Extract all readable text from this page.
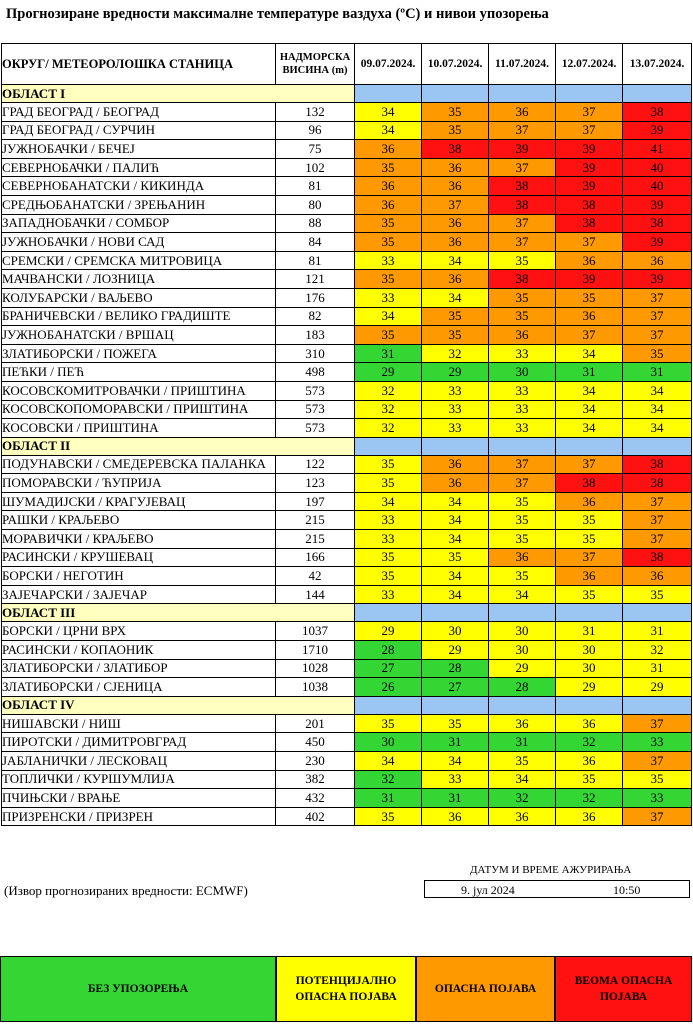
Прогнозиране вредности максималне температуре ваздуха (ºC) и нивои упозорења
ОКРУГ/ МЕТЕОРОЛОШКА СТАНИЦА	НАДМОРСКА ВИСИНА (m)	09.07.2024.	10.07.2024.	11.07.2024.	12.07.2024.	13.07.2024.
ОБЛАСТ I						
ГРАД БЕОГРАД / БЕОГРАД	132	34	35	36	37	38
ГРАД БЕОГРАД / СУРЧИН	96	34	35	37	37	39
ЈУЖНОБАЧКИ / БЕЧЕЈ	75	36	38	39	39	41
СЕВЕРНОБАЧКИ / ПАЛИЋ	102	35	36	37	39	40
СЕВЕРНОБАНАТСКИ / КИКИНДА	81	36	36	38	39	40
СРЕДЊОБАНАТСКИ / ЗРЕЊАНИН	80	36	37	38	38	39
ЗАПАДНОБАЧКИ / СОМБОР	88	35	36	37	38	38
ЈУЖНОБАЧКИ / НОВИ САД	84	35	36	37	37	39
СРЕМСКИ / СРЕМСКА МИТРОВИЦА	81	33	34	35	36	36
МАЧВАНСКИ / ЛОЗНИЦА	121	35	36	38	39	39
КОЛУБАРСКИ / ВАЉЕВО	176	33	34	35	35	37
БРАНИЧЕВСКИ / ВЕЛИКО ГРАДИШТЕ	82	34	35	35	36	37
ЈУЖНОБАНАТСКИ / ВРШАЦ	183	35	35	36	37	37
ЗЛАТИБОРСКИ / ПОЖЕГА	310	31	32	33	34	35
ПЕЋКИ / ПЕЋ	498	29	29	30	31	31
КОСОВСКОМИТРОВАЧКИ / ПРИШТИНА	573	32	33	33	34	34
КОСОВСКОПОМОРАВСКИ / ПРИШТИНА	573	32	33	33	34	34
КОСОВСКИ / ПРИШТИНА	573	32	33	33	34	34
ОБЛАСТ II						
ПОДУНАВСКИ / СМЕДЕРЕВСКА ПАЛАНКА	122	35	36	37	37	38
ПОМОРАВСКИ / ЋУПРИЈА	123	35	36	37	38	38
ШУМАДИЈСКИ / КРАГУЈЕВАЦ	197	34	34	35	36	37
РАШКИ / КРАЉЕВО	215	33	34	35	35	37
МОРАВИЧКИ / КРАЉЕВО	215	33	34	35	35	37
РАСИНСКИ / КРУШЕВАЦ	166	35	35	36	37	38
БОРСКИ / НЕГОТИН	42	35	34	35	36	36
ЗАЈЕЧАРСКИ / ЗАЈЕЧАР	144	33	34	34	35	35
ОБЛАСТ III						
БОРСКИ / ЦРНИ ВРХ	1037	29	30	30	31	31
РАСИНСКИ / КОПАОНИК	1710	28	29	30	30	32
ЗЛАТИБОРСКИ / ЗЛАТИБОР	1028	27	28	29	30	31
ЗЛАТИБОРСКИ / СЈЕНИЦА	1038	26	27	28	29	29
ОБЛАСТ IV						
НИШАВСКИ / НИШ	201	35	35	36	36	37
ПИРОТСКИ / ДИМИТРОВГРАД	450	30	31	31	32	33
ЈАБЛАНИЧКИ / ЛЕСКОВАЦ	230	34	34	35	36	37
ТОПЛИЧКИ / КУРШУМЛИЈА	382	32	33	34	35	35
ПЧИЊСКИ / ВРАЊЕ	432	31	31	32	32	33
ПРИЗРЕНСКИ / ПРИЗРЕН	402	35	36	36	36	37
ДАТУМ И ВРЕМЕ АЖУРИРАЊА
9. јул 2024	10:50
(Извор прогнозираних вредности: ECMWF)
БЕЗ УПОЗОРЕЊА
ПОТЕНЦИЈАЛНО
ОПАСНА ПОЈАВА
ОПАСНА ПОЈАВА
ВЕОМА ОПАСНА
ПОЈАВА
